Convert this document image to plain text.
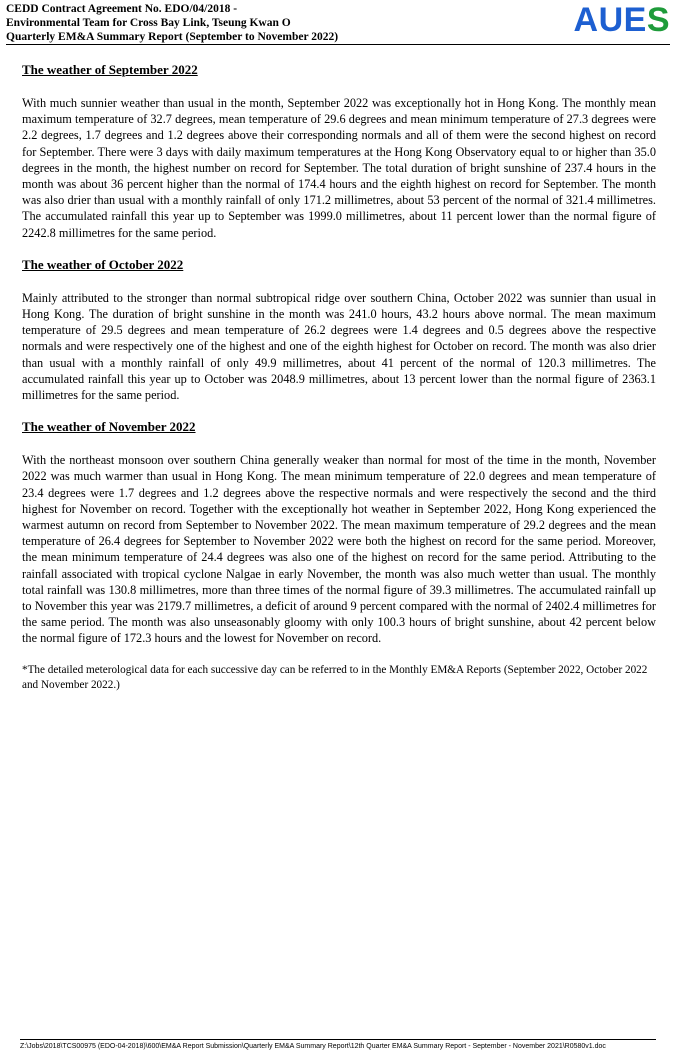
CEDD Contract Agreement No. EDO/04/2018 -
Environmental Team for Cross Bay Link, Tseung Kwan O
Quarterly EM&A Summary Report (September to November 2022)	AUES
The weather of September 2022

With much sunnier weather than usual in the month, September 2022 was exceptionally hot in Hong Kong. The monthly mean maximum temperature of 32.7 degrees, mean temperature of 29.6 degrees and mean minimum temperature of 27.3 degrees were 2.2 degrees, 1.7 degrees and 1.2 degrees above their corresponding normals and all of them were the second highest on record for September. There were 3 days with daily maximum temperatures at the Hong Kong Observatory equal to or higher than 35.0 degrees in the month, the highest number on record for September. The total duration of bright sunshine of 237.4 hours in the month was about 36 percent higher than the normal of 174.4 hours and the eighth highest on record for September. The month was also drier than usual with a monthly rainfall of only 171.2 millimetres, about 53 percent of the normal of 321.4 millimetres. The accumulated rainfall this year up to September was 1999.0 millimetres, about 11 percent lower than the normal figure of 2242.8 millimetres for the same period.

The weather of October 2022

Mainly attributed to the stronger than normal subtropical ridge over southern China, October 2022 was sunnier than usual in Hong Kong. The duration of bright sunshine in the month was 241.0 hours, 43.2 hours above normal. The mean maximum temperature of 29.5 degrees and mean temperature of 26.2 degrees were 1.4 degrees and 0.5 degrees above the respective normals and were respectively one of the highest and one of the eighth highest for October on record. The month was also drier than usual with a monthly rainfall of only 49.9 millimetres, about 41 percent of the normal of 120.3 millimetres. The accumulated rainfall this year up to October was 2048.9 millimetres, about 13 percent lower than the normal figure of 2363.1 millimetres for the same period.

The weather of November 2022

With the northeast monsoon over southern China generally weaker than normal for most of the time in the month, November 2022 was much warmer than usual in Hong Kong. The mean minimum temperature of 22.0 degrees and mean temperature of 23.4 degrees were 1.7 degrees and 1.2 degrees above the respective normals and were respectively the second and the third highest for November on record. Together with the exceptionally hot weather in September 2022, Hong Kong experienced the warmest autumn on record from September to November 2022. The mean maximum temperature of 29.2 degrees and the mean temperature of 26.4 degrees for September to November 2022 were both the highest on record for the same period. Moreover, the mean minimum temperature of 24.4 degrees was also one of the highest on record for the same period. Attributing to the rainfall associated with tropical cyclone Nalgae in early November, the month was also much wetter than usual. The monthly total rainfall was 130.8 millimetres, more than three times of the normal figure of 39.3 millimetres. The accumulated rainfall up to November this year was 2179.7 millimetres, a deficit of around 9 percent compared with the normal of 2402.4 millimetres for the same period. The month was also unseasonably gloomy with only 100.3 hours of bright sunshine, about 42 percent below the normal figure of 172.3 hours and the lowest for November on record.

*The detailed meterological data for each successive day can be referred to in the Monthly EM&A Reports (September 2022, October 2022 and November 2022.)

Z:\Jobs\2018\TCS00975 (EDO-04-2018)\600\EM&A Report Submission\Quarterly EM&A Summary Report\12th Quarter EM&A Summary Report - September - November 2021\R0580v1.doc
